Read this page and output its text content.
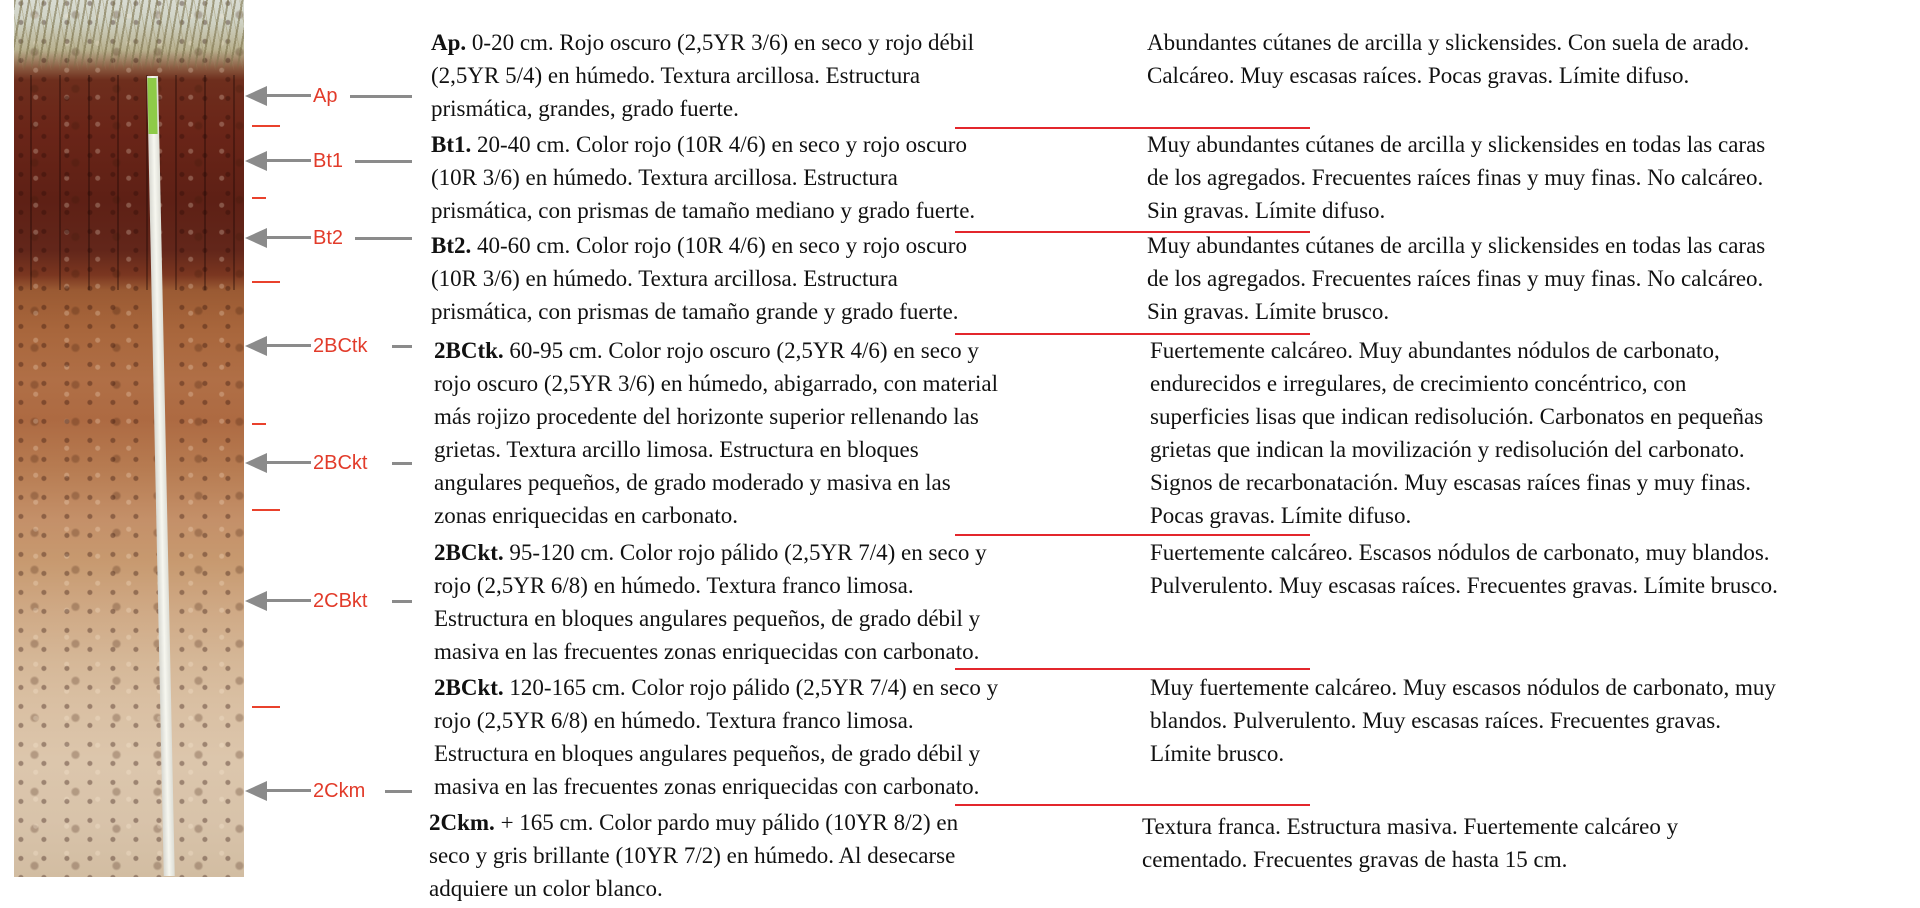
Ap
Bt1
Bt2
2BCtk
2BCkt
2CBkt
2Ckm
Ap. 0-20 cm. Rojo oscuro (2,5YR 3/6) en seco y rojo débil
(2,5YR 5/4) en húmedo. Textura arcillosa. Estructura
prismática, grandes, grado fuerte.
Bt1. 20-40 cm. Color rojo (10R 4/6) en seco y rojo oscuro
(10R 3/6) en húmedo. Textura arcillosa. Estructura
prismática, con prismas de tamaño mediano y grado fuerte.
Bt2. 40-60 cm. Color rojo (10R 4/6) en seco y rojo oscuro
(10R 3/6) en húmedo. Textura arcillosa. Estructura
prismática, con prismas de tamaño grande y grado fuerte.
2BCtk. 60-95 cm. Color rojo oscuro (2,5YR 4/6) en seco y
rojo oscuro (2,5YR 3/6) en húmedo, abigarrado, con material
más rojizo procedente del horizonte superior rellenando las
grietas. Textura arcillo limosa. Estructura en bloques
angulares pequeños, de grado moderado y masiva en las
zonas enriquecidas en carbonato.
2BCkt. 95-120 cm. Color rojo pálido (2,5YR 7/4) en seco y
rojo (2,5YR 6/8) en húmedo. Textura franco limosa.
Estructura en bloques angulares pequeños, de grado débil y
masiva en las frecuentes zonas enriquecidas con carbonato.
2BCkt. 120-165 cm. Color rojo pálido (2,5YR 7/4) en seco y
rojo (2,5YR 6/8) en húmedo. Textura franco limosa.
Estructura en bloques angulares pequeños, de grado débil y
masiva en las frecuentes zonas enriquecidas con carbonato.
2Ckm. + 165 cm. Color pardo muy pálido (10YR 8/2) en
seco y gris brillante (10YR 7/2) en húmedo. Al desecarse
adquiere un color blanco.
Abundantes cútanes de arcilla y slickensides. Con suela de arado.
Calcáreo. Muy escasas raíces. Pocas gravas. Límite difuso.
Muy abundantes cútanes de arcilla y slickensides en todas las caras
de los agregados. Frecuentes raíces finas y muy finas. No calcáreo.
Sin gravas. Límite difuso.
Muy abundantes cútanes de arcilla y slickensides en todas las caras
de los agregados. Frecuentes raíces finas y muy finas. No calcáreo.
Sin gravas. Límite brusco.
Fuertemente calcáreo. Muy abundantes nódulos de carbonato,
endurecidos e irregulares, de crecimiento concéntrico, con
superficies lisas que indican redisolución. Carbonatos en pequeñas
grietas que indican la movilización y redisolución del carbonato.
Signos de recarbonatación. Muy escasas raíces finas y muy finas.
Pocas gravas. Límite difuso.
Fuertemente calcáreo. Escasos nódulos de carbonato, muy blandos.
Pulverulento. Muy escasas raíces. Frecuentes gravas. Límite brusco.
Muy fuertemente calcáreo. Muy escasos nódulos de carbonato, muy
blandos. Pulverulento. Muy escasas raíces. Frecuentes gravas.
Límite brusco.
Textura franca. Estructura masiva. Fuertemente calcáreo y
cementado. Frecuentes gravas de hasta 15 cm.
